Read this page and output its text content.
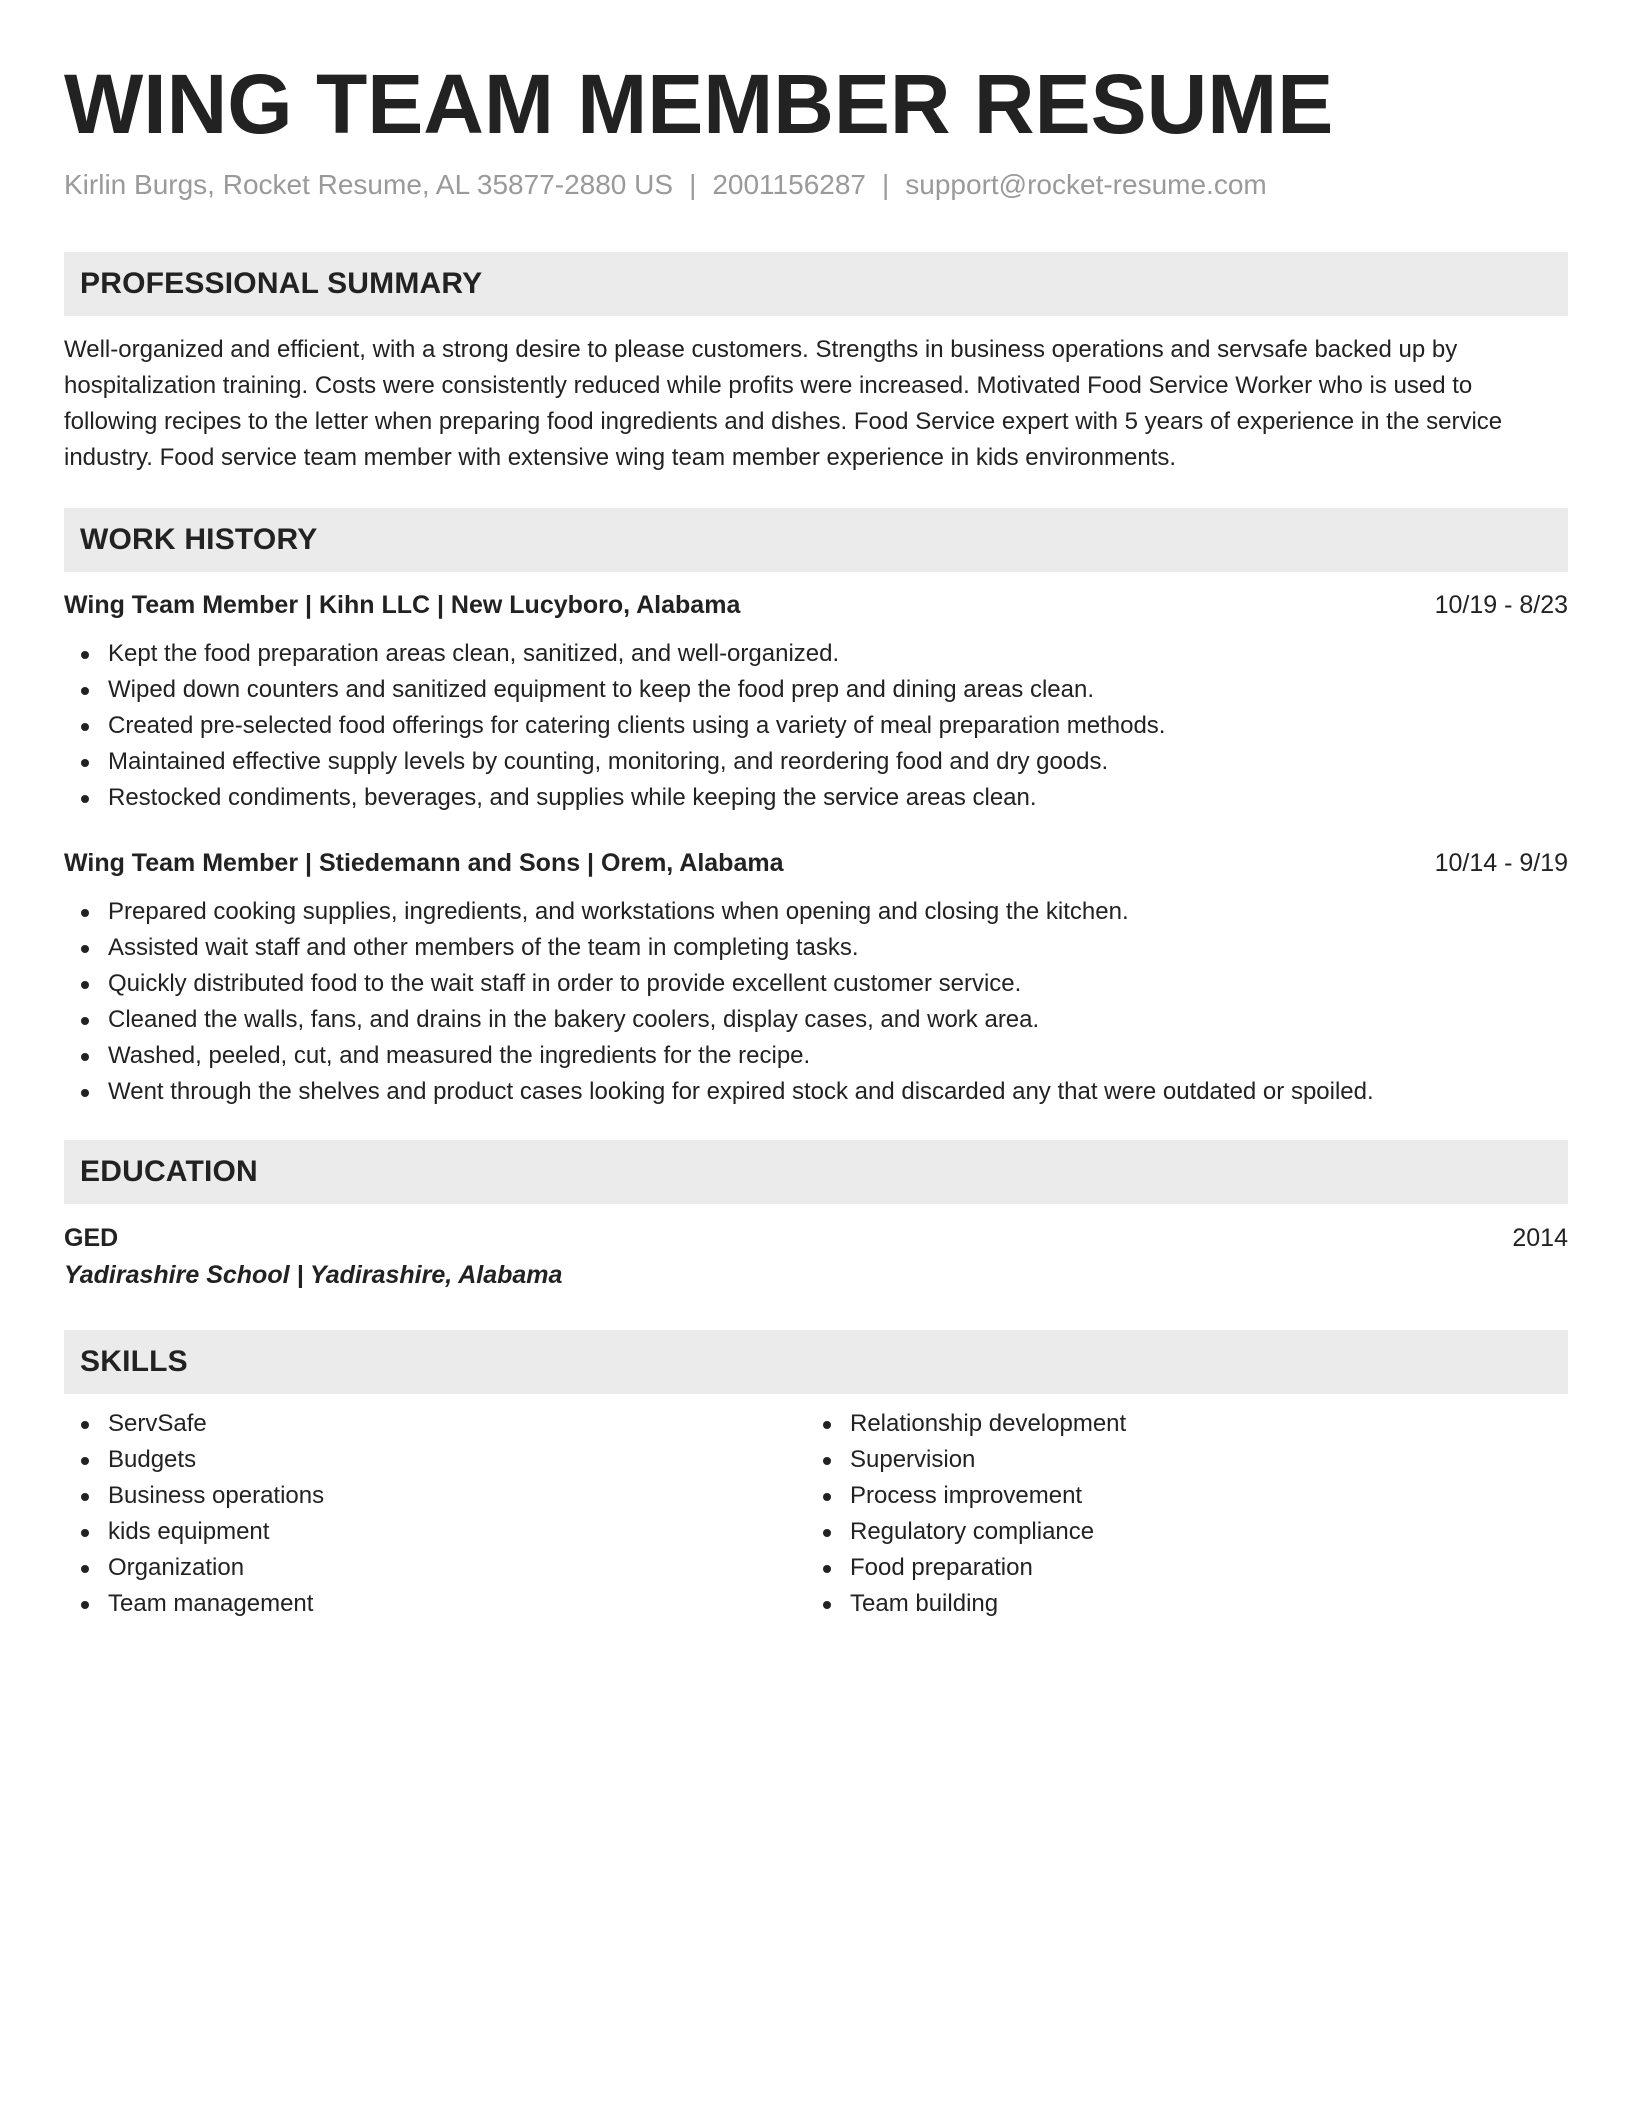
WING TEAM MEMBER RESUME
Kirlin Burgs, Rocket Resume, AL 35877-2880 US | 2001156287 | support@rocket-resume.com
PROFESSIONAL SUMMARY
Well-organized and efficient, with a strong desire to please customers. Strengths in business operations and servsafe backed up by hospitalization training. Costs were consistently reduced while profits were increased. Motivated Food Service Worker who is used to following recipes to the letter when preparing food ingredients and dishes. Food Service expert with 5 years of experience in the service industry. Food service team member with extensive wing team member experience in kids environments.
WORK HISTORY
Wing Team Member | Kihn LLC | New Lucyboro, Alabama	10/19 - 8/23
Kept the food preparation areas clean, sanitized, and well-organized.
Wiped down counters and sanitized equipment to keep the food prep and dining areas clean.
Created pre-selected food offerings for catering clients using a variety of meal preparation methods.
Maintained effective supply levels by counting, monitoring, and reordering food and dry goods.
Restocked condiments, beverages, and supplies while keeping the service areas clean.
Wing Team Member | Stiedemann and Sons | Orem, Alabama	10/14 - 9/19
Prepared cooking supplies, ingredients, and workstations when opening and closing the kitchen.
Assisted wait staff and other members of the team in completing tasks.
Quickly distributed food to the wait staff in order to provide excellent customer service.
Cleaned the walls, fans, and drains in the bakery coolers, display cases, and work area.
Washed, peeled, cut, and measured the ingredients for the recipe.
Went through the shelves and product cases looking for expired stock and discarded any that were outdated or spoiled.
EDUCATION
GED	2014
Yadirashire School | Yadirashire, Alabama
SKILLS
ServSafe
Budgets
Business operations
kids equipment
Organization
Team management
Relationship development
Supervision
Process improvement
Regulatory compliance
Food preparation
Team building
